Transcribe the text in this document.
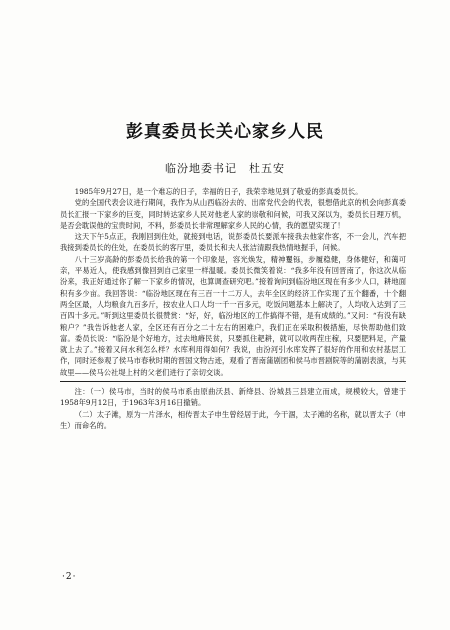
彭真委员长关心家乡人民
临汾地委书记　杜五安

1985年9月27日，是一个难忘的日子，幸福的日子，我荣幸地见到了敬爱的彭真委员长。

党的全国代表会议进行期间，我作为从山西临汾去的、出席党代会的代表，很想借此京的机会向彭真委员长汇报一下家乡的巨变，同时转达家乡人民对他老人家的崇敬和问候，可我又深以为，委员长日理万机，是否会耽误他的宝贵时间，不料，彭委员长非常理解家乡人民的心情，我的愿望实现了！

这天下午5点正，我刚回到住处，就接到电话，说彭委员长要派车接我去他家作客，不一会儿，汽车把我接到委员长的住处，在委员长的客厅里，委员长和夫人张洁清跟我热情地握手，问候。

八十三岁高龄的彭委员长给我的第一个印象是，容光焕发，精神矍铄，步履稳健，身体健好，和蔼可亲，平易近人，使我感到像回到自己家里一样温暖。委员长微笑着说：“我多年没有回晋南了，你这次从临汾来，我正好通过你了解一下家乡的情况，也算调查研究吧。”接着询问到临汾地区现在有多少人口，耕地面积有多少亩。我回答说：“临汾地区现在有三百一十二万人，去年全区的经济工作实现了五个翻番，十个翻两全区最，人均粮食九百多斤，按农业人口人均一千一百多元，吃饭问题基本上解决了，人均收入达到了三百四十多元。”听到这里委员长很赞赏：“好，好，临汾地区的工作搞得不错，是有成绩的。”又问：“有没有缺粮户？”我告诉他老人家，全区还有百分之二十左右的困难户，我们正在采取积极措施，尽快帮助他们致富。委员长说：“临汾是个好地方，过去地瘠民贫，只要抓住耙耕，就可以收两茬庄稼，只要肥料足，产量就上去了。”接着又问水利怎么样？水库利用得如何？我说，由汾河引水库发挥了很好的作用和农村基层工作，同时还参观了侯马市春秋时期的晋国文物古迹，观看了晋南蒲剧团和侯马市晋剧院等的蒲剧表演，与其故里——侯马公社堤上村的父老们进行了亲切交谈。

注：（一）侯马市，当时的侯马市系由原曲沃县、新绛县、汾城县三县建立而成，规模较大，曾建于1958年9月12日，于1963年3月16日撤销。

（二）太子滩，原为一片泽水，相传晋太子申生曾经居于此，今干涸，太子滩的名称，就以晋太子（申生）而命名的。

·2·
